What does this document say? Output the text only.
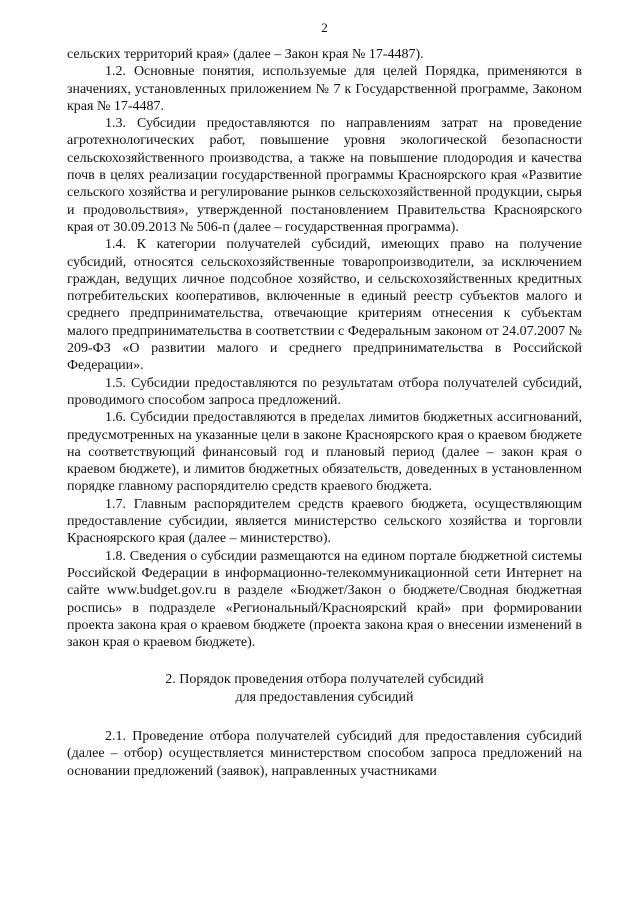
2

сельских территорий края» (далее – Закон края № 17-4487).

1.2. Основные понятия, используемые для целей Порядка, применяются в значениях, установленных приложением № 7 к Государственной программе, Законом края № 17-4487.

1.3. Субсидии предоставляются по направлениям затрат на проведение агротехнологических работ, повышение уровня экологической безопасности сельскохозяйственного производства, а также на повышение плодородия и качества почв в целях реализации государственной программы Красноярского края «Развитие сельского хозяйства и регулирование рынков сельскохозяйственной продукции, сырья и продовольствия», утвержденной постановлением Правительства Красноярского края от 30.09.2013 № 506-п (далее – государственная программа).

1.4. К категории получателей субсидий, имеющих право на получение субсидий, относятся сельскохозяйственные товаропроизводители, за исключением граждан, ведущих личное подсобное хозяйство, и сельскохозяйственных кредитных потребительских кооперативов, включенные в единый реестр субъектов малого и среднего предпринимательства, отвечающие критериям отнесения к субъектам малого предпринимательства в соответствии с Федеральным законом от 24.07.2007 № 209-ФЗ «О развитии малого и среднего предпринимательства в Российской Федерации».

1.5. Субсидии предоставляются по результатам отбора получателей субсидий, проводимого способом запроса предложений.

1.6. Субсидии предоставляются в пределах лимитов бюджетных ассигнований, предусмотренных на указанные цели в законе Красноярского края о краевом бюджете на соответствующий финансовый год и плановый период (далее – закон края о краевом бюджете), и лимитов бюджетных обязательств, доведенных в установленном порядке главному распорядителю средств краевого бюджета.

1.7. Главным распорядителем средств краевого бюджета, осуществляющим предоставление субсидии, является министерство сельского хозяйства и торговли Красноярского края (далее – министерство).

1.8. Сведения о субсидии размещаются на едином портале бюджетной системы Российской Федерации в информационно-телекоммуникационной сети Интернет на сайте www.budget.gov.ru в разделе «Бюджет/Закон о бюджете/Сводная бюджетная роспись» в подразделе «Региональный/Красноярский край» при формировании проекта закона края о краевом бюджете (проекта закона края о внесении изменений в закон края о краевом бюджете).

2. Порядок проведения отбора получателей субсидий

для предоставления субсидий

2.1. Проведение отбора получателей субсидий для предоставления субсидий (далее – отбор) осуществляется министерством способом запроса предложений на основании предложений (заявок), направленных участниками
